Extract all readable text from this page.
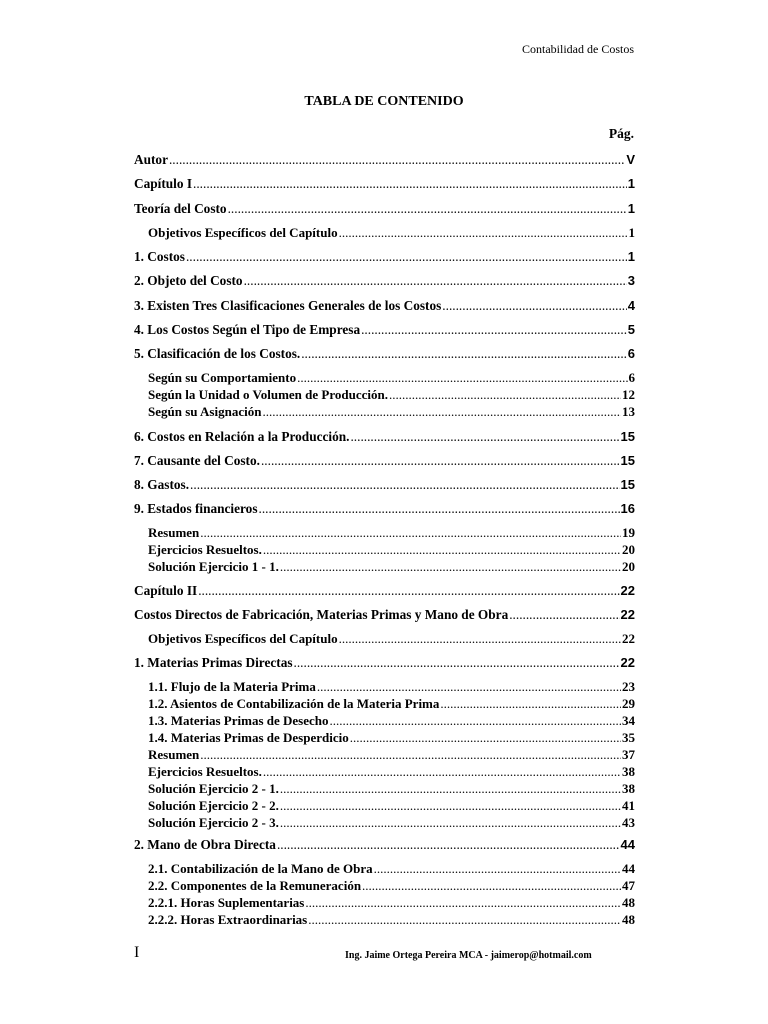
Contabilidad de Costos
TABLA DE CONTENIDO
Pág.
Autor .....	V
Capítulo I .....	1
Teoría del Costo .....	1
Objetivos Específicos del Capítulo .....	1
1. Costos .....	1
2. Objeto del Costo .....	3
3. Existen Tres Clasificaciones Generales de los Costos .....	4
4. Los Costos Según el Tipo de Empresa .....	5
5. Clasificación de los Costos. .....	6
Según su Comportamiento .....	6
Según la Unidad o Volumen de Producción. .....	12
Según su Asignación .....	13
6. Costos en Relación a la Producción. .....	15
7. Causante del Costo. .....	15
8. Gastos. .....	15
9. Estados financieros .....	16
Resumen .....	19
Ejercicios Resueltos. .....	20
Solución Ejercicio 1 - 1. .....	20
Capítulo II .....	22
Costos Directos de Fabricación, Materias Primas y Mano de Obra .....	22
Objetivos Específicos del Capítulo .....	22
1. Materias Primas Directas .....	22
1.1. Flujo de la Materia Prima .....	23
1.2. Asientos de Contabilización de la Materia Prima .....	29
1.3. Materias Primas de Desecho .....	34
1.4. Materias Primas de Desperdicio .....	35
Resumen .....	37
Ejercicios Resueltos. .....	38
Solución Ejercicio 2 - 1. .....	38
Solución Ejercicio 2 - 2. .....	41
Solución Ejercicio 2 - 3. .....	43
2. Mano de Obra Directa .....	44
2.1. Contabilización de la Mano de Obra .....	44
2.2. Componentes de la Remuneración .....	47
2.2.1. Horas Suplementarias .....	48
2.2.2. Horas Extraordinarias .....	48
I	Ing. Jaime Ortega Pereira MCA - jaimerop@hotmail.com
